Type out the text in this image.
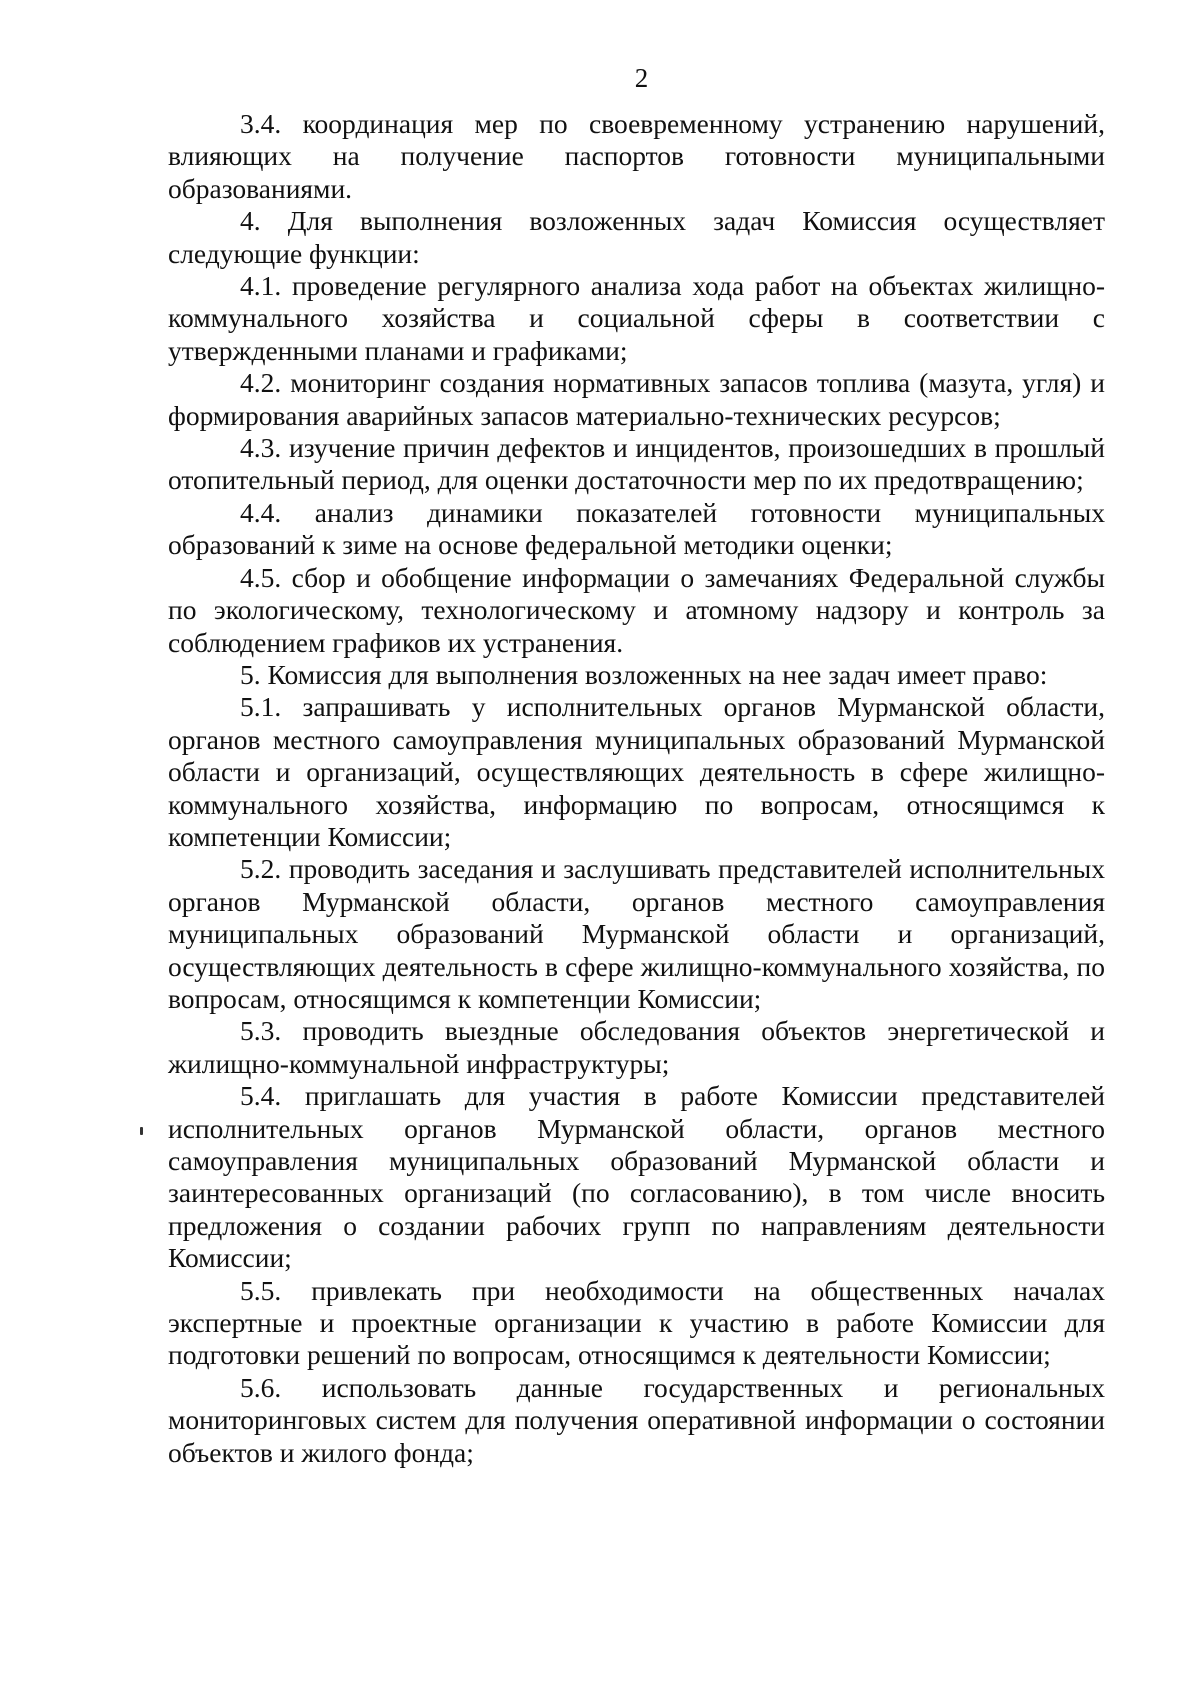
2

3.4. координация мер по своевременному устранению нарушений, влияющих на получение паспортов готовности муниципальными образованиями.

4. Для выполнения возложенных задач Комиссия осуществляет следующие функции:

4.1. проведение регулярного анализа хода работ на объектах жилищно-коммунального хозяйства и социальной сферы в соответствии с утвержденными планами и графиками;

4.2. мониторинг создания нормативных запасов топлива (мазута, угля) и формирования аварийных запасов материально-технических ресурсов;

4.3. изучение причин дефектов и инцидентов, произошедших в прошлый отопительный период, для оценки достаточности мер по их предотвращению;

4.4. анализ динамики показателей готовности муниципальных образований к зиме на основе федеральной методики оценки;

4.5. сбор и обобщение информации о замечаниях Федеральной службы по экологическому, технологическому и атомному надзору и контроль за соблюдением графиков их устранения.

5. Комиссия для выполнения возложенных на нее задач имеет право:

5.1. запрашивать у исполнительных органов Мурманской области, органов местного самоуправления муниципальных образований Мурманской области и организаций, осуществляющих деятельность в сфере жилищно-коммунального хозяйства, информацию по вопросам, относящимся к компетенции Комиссии;

5.2. проводить заседания и заслушивать представителей исполнительных органов Мурманской области, органов местного самоуправления муниципальных образований Мурманской области и организаций, осуществляющих деятельность в сфере жилищно-коммунального хозяйства, по вопросам, относящимся к компетенции Комиссии;

5.3. проводить выездные обследования объектов энергетической и жилищно-коммунальной инфраструктуры;

5.4. приглашать для участия в работе Комиссии представителей исполнительных органов Мурманской области, органов местного самоуправления муниципальных образований Мурманской области и заинтересованных организаций (по согласованию), в том числе вносить предложения о создании рабочих групп по направлениям деятельности Комиссии;

5.5. привлекать при необходимости на общественных началах экспертные и проектные организации к участию в работе Комиссии для подготовки решений по вопросам, относящимся к деятельности Комиссии;

5.6. использовать данные государственных и региональных мониторинговых систем для получения оперативной информации о состоянии объектов и жилого фонда;
